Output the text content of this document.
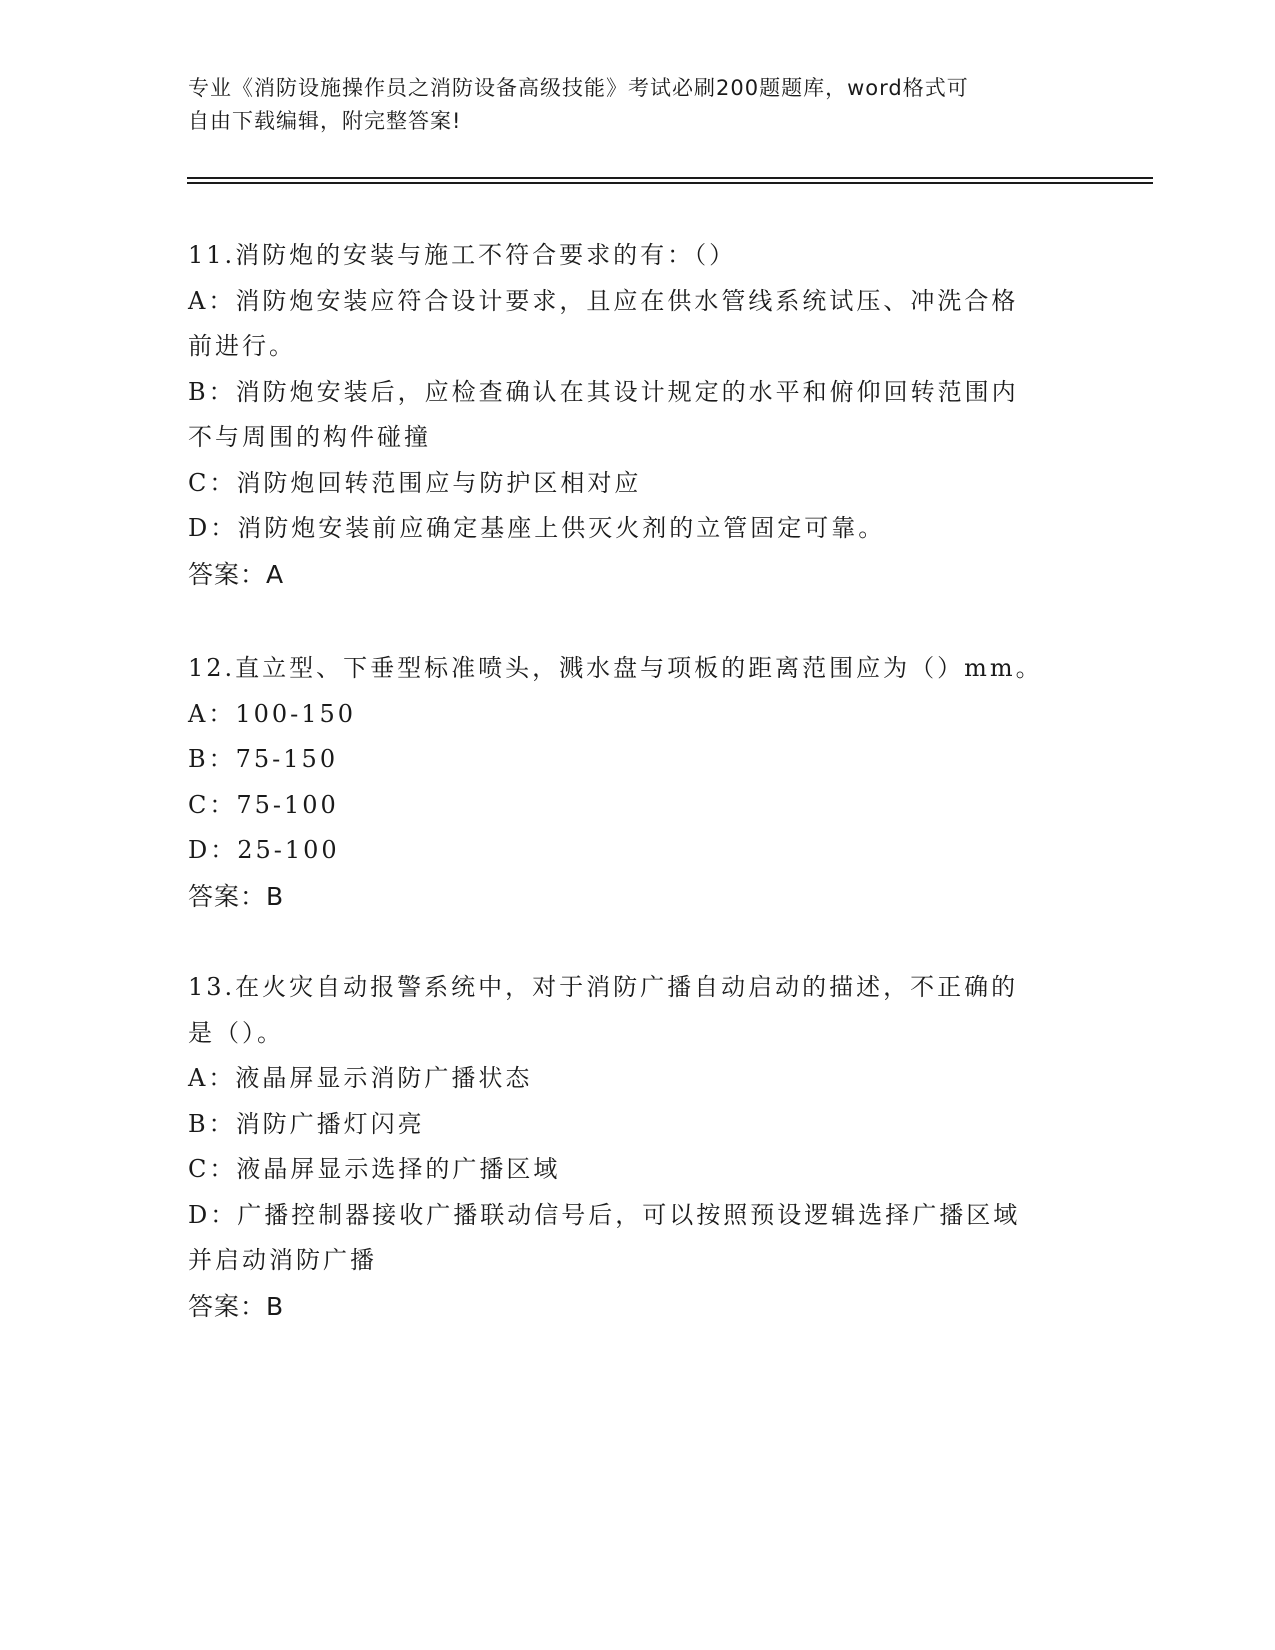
专业《消防设施操作员之消防设备高级技能》考试必刷200题题库，word格式可
自由下载编辑，附完整答案!

11.消防炮的安装与施工不符合要求的有：（）

A：消防炮安装应符合设计要求，且应在供水管线系统试压、冲洗合格

前进行。

B：消防炮安装后，应检查确认在其设计规定的水平和俯仰回转范围内

不与周围的构件碰撞

C：消防炮回转范围应与防护区相对应

D：消防炮安装前应确定基座上供灭火剂的立管固定可靠。

答案：A

12.直立型、下垂型标准喷头，溅水盘与项板的距离范围应为（）mm。

A：100-150

B：75-150

C：75-100

D：25-100

答案：B

13.在火灾自动报警系统中，对于消防广播自动启动的描述，不正确的

是（）。

A：液晶屏显示消防广播状态

B：消防广播灯闪亮

C：液晶屏显示选择的广播区域

D：广播控制器接收广播联动信号后，可以按照预设逻辑选择广播区域

并启动消防广播

答案：B
